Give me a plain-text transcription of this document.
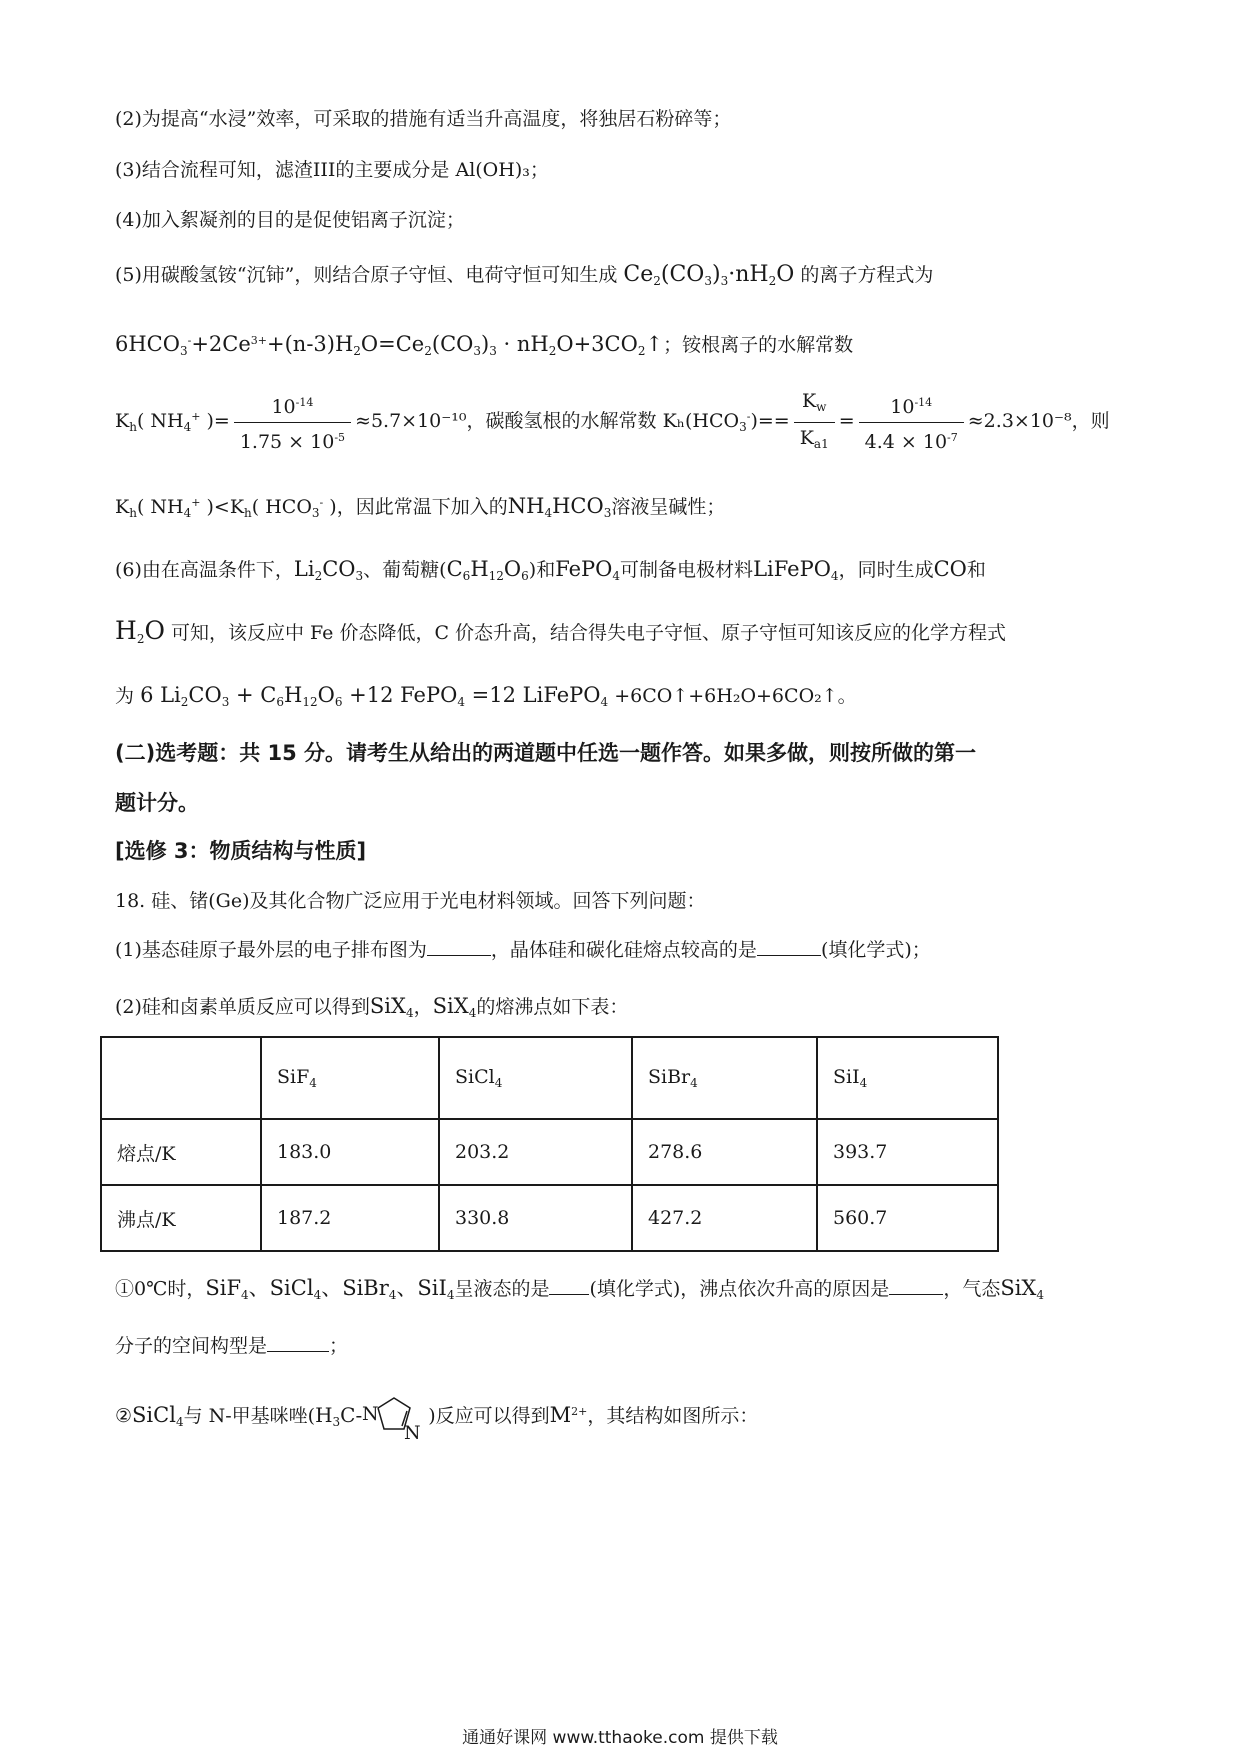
(2)为提高“水浸”效率，可采取的措施有适当升高温度，将独居石粉碎等；
(3)结合流程可知，滤渣III的主要成分是 Al(OH)₃；
(4)加入絮凝剂的目的是促使铝离子沉淀；
(5)用碳酸氢铵“沉铈”，则结合原子守恒、电荷守恒可知生成 $Ce_2(CO_3)_3\cdot nH_2O$ 的离子方程式为
$6HCO_3^-+2Ce^{3+}+(n-3)H_2O=Ce_2(CO_3)_3$ · $nH_2O+3CO_2↑$；铵根离子的水解常数
$K_h$( $NH_4^+$ )= $\frac{10^{-14}}{1.75 \times 10^{-5}} \approx 5.7\times 10^{-10}$，碳酸氢根的水解常数 $K_h(HCO_3^-)== \frac{K_w}{K_{a1}} = \frac{10^{-14}}{4.4 \times 10^{-7}} \approx 2.3\times 10^{-8}$，则
$K_h$( $NH_4^+$ )$<K_h$( $HCO_3^-$ )，因此常温下加入的$NH_4HCO_3$溶液呈碱性；
(6)由在高温条件下，$Li_2CO_3$、葡萄糖$(C_6H_{12}O_6)$和FePO$_4$可制备电极材料LiFePO$_4$，同时生成CO和
$H_2O$ 可知，该反应中 Fe 价态降低，C 价态升高，结合得失电子守恒、原子守恒可知该反应的化学方程式
为 6 $Li_2CO_3 + C_6H_{12}O_6 +12$ FePO$_4$ =12 LiFePO$_4$ +6CO↑+6H₂O+6CO₂↑。
(二)选考题：共 15 分。请考生从给出的两道题中任选一题作答。如果多做，则按所做的第一
题计分。
[选修 3：物质结构与性质]
18. 硅、锗(Ge)及其化合物广泛应用于光电材料领域。回答下列问题：
(1)基态硅原子最外层的电子排布图为	，晶体硅和碳化硅熔点较高的是	(填化学式)；
(2)硅和卤素单质反应可以得到SiX$_4$，SiX$_4$的熔沸点如下表：
	SiF$_4$	SiCl$_4$	SiBr$_4$	SiI$_4$
熔点/K	183.0	203.2	278.6	393.7
沸点/K	187.2	330.8	427.2	560.7
①0℃时，SiF$_4$、SiCl$_4$、SiBr$_4$、SiI$_4$呈液态的是 (填化学式)，沸点依次升高的原因是	，气态SiX$_4$
分子的空间构型是	；
②SiCl$_4$与 N-甲基咪唑($H_3C-$ N
N
)反应可以得到$M^{2+}$，其结构如图所示：
通通好课网 www.tthaoke.com 提供下载
